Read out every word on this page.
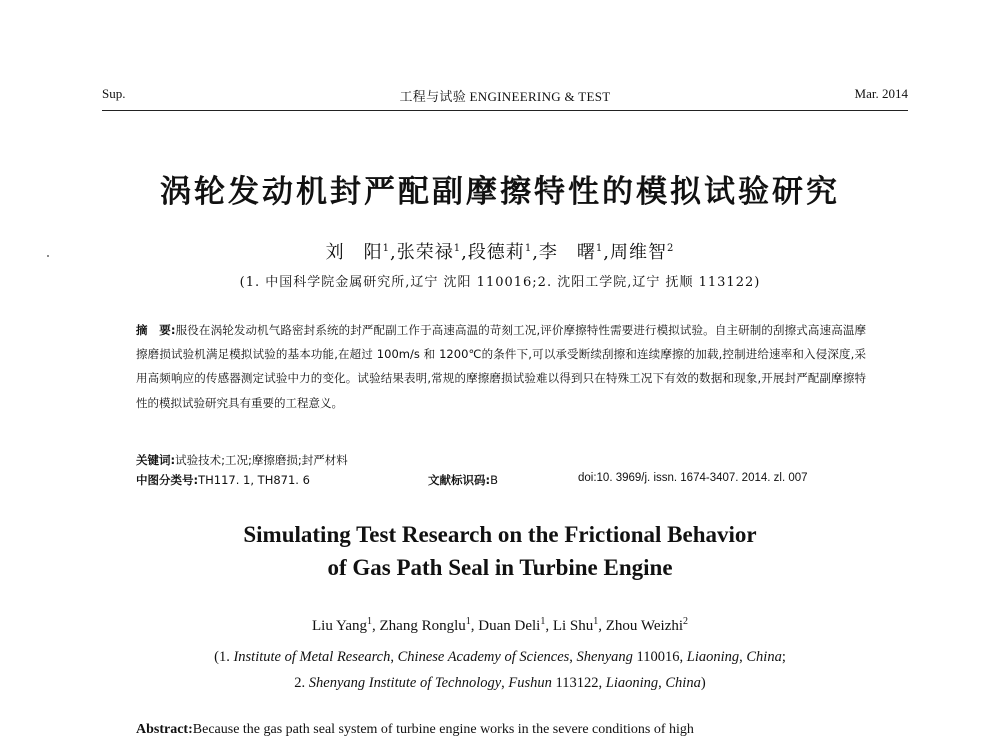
Sup.	工程与试验 ENGINEERING & TEST	Mar. 2014
涡轮发动机封严配副摩擦特性的模拟试验研究
刘　阳$^1$,张荣禄$^1$,段德莉$^1$,李　曙$^1$,周维智$^2$
(1. 中国科学院金属研究所,辽宁 沈阳 110016;2. 沈阳工学院,辽宁 抚顺 113122)
摘　要:服役在涡轮发动机气路密封系统的封严配副工作于高速高温的苛刻工况,评价摩擦特性需要进行模拟试验。自主研制的刮擦式高速高温摩擦磨损试验机满足模拟试验的基本功能,在超过 100m/s 和 1200℃的条件下,可以承受断续刮擦和连续摩擦的加载,控制进给速率和入侵深度,采用高频响应的传感器测定试验中力的变化。试验结果表明,常规的摩擦磨损试验难以得到只在特殊工况下有效的数据和现象,开展封严配副摩擦特性的模拟试验研究具有重要的工程意义。
关键词:试验技术;工况;摩擦磨损;封严材料
中图分类号:TH117. 1, TH871. 6	文献标识码:B	doi:10. 3969/j. issn. 1674-3407. 2014. zl. 007
Simulating Test Research on the Frictional Behavior
of Gas Path Seal in Turbine Engine
Liu Yang$^1$, Zhang Ronglu$^1$, Duan Deli$^1$, Li Shu$^1$, Zhou Weizhi$^2$
(1. Institute of Metal Research, Chinese Academy of Sciences, Shenyang 110016, Liaoning, China;
2. Shenyang Institute of Technology, Fushun 113122, Liaoning, China)
Abstract:Because the gas path seal system of turbine engine works in the severe conditions of high
